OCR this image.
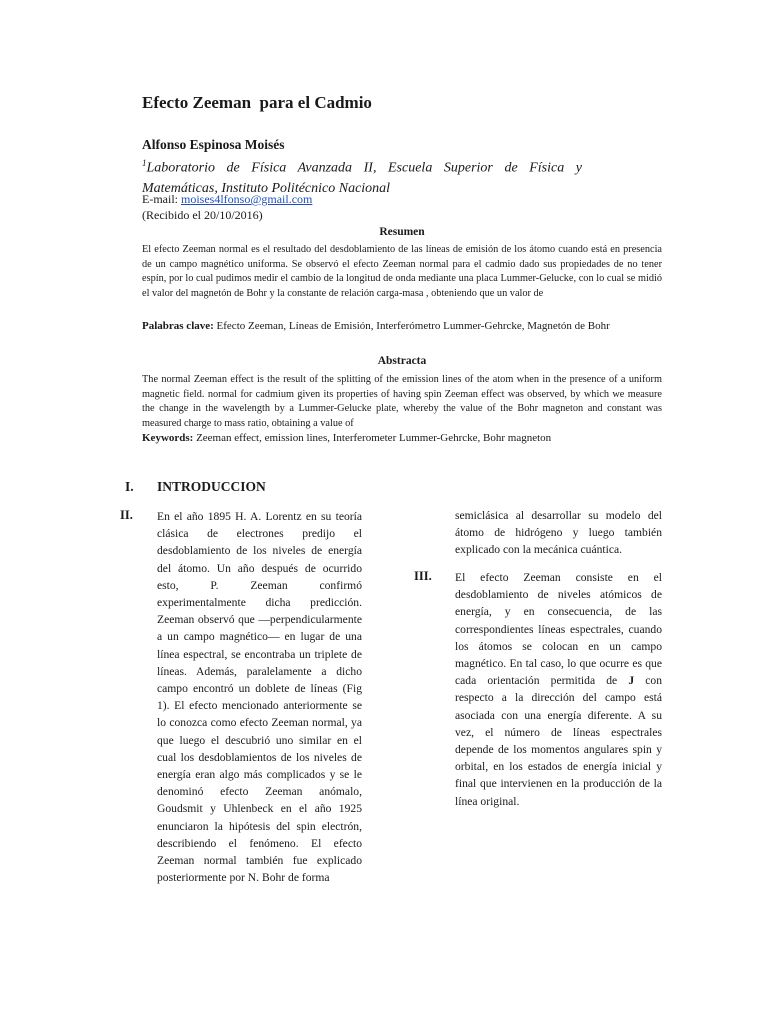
Efecto Zeeman  para el Cadmio
Alfonso Espinosa Moisés
$^1$Laboratorio de Física Avanzada II, Escuela Superior de Física y Matemáticas, Instituto Politécnico Nacional
E-mail: moises4lfonso@gmail.com
(Recibido el 20/10/2016)
Resumen
El efecto Zeeman normal es el resultado del desdoblamiento de las líneas de emisión de los átomo cuando está en presencia de un campo magnético uniforma. Se observó el efecto Zeeman normal para el cadmio dado sus propiedades de no tener espín, por lo cual pudimos medir el cambio de la longitud de onda mediante una placa Lummer-Gelucke, con lo cual se midió el valor del magnetón de Bohr y la constante de relación carga-masa , obteniendo que un valor de
Palabras clave: Efecto Zeeman, Líneas de Emisión, Interferómetro Lummer-Gehrcke, Magnetón de Bohr
Abstracta
The normal Zeeman effect is the result of the splitting of the emission lines of the atom when in the presence of a uniform magnetic field. normal for cadmium given its properties of having spin Zeeman effect was observed, by which we measure the change in the wavelength by a Lummer-Gelucke plate, whereby the value of the Bohr magneton and constant was measured charge to mass ratio, obtaining a value of
Keywords: Zeeman effect, emission lines, Interferometer Lummer-Gehrcke, Bohr magneton
I. INTRODUCCION
II. En el año 1895 H. A. Lorentz en su teoría clásica de electrones predijo el desdoblamiento de los niveles de energía del átomo. Un año después de ocurrido esto, P. Zeeman confirmó experimentalmente dicha predicción. Zeeman observó que —perpendicularmente a un campo magnético— en lugar de una línea espectral, se encontraba un triplete de líneas. Además, paralelamente a dicho campo encontró un doblete de líneas (Fig 1). El efecto mencionado anteriormente se lo conozca como efecto Zeeman normal, ya que luego el descubrió uno similar en el cual los desdoblamientos de los niveles de energía eran algo más complicados y se le denominó efecto Zeeman anómalo, Goudsmit y Uhlenbeck en el año 1925 enunciaron la hipótesis del spin electrón, describiendo el fenómeno. El efecto Zeeman normal también fue explicado posteriormente por N. Bohr de forma
semiclásica al desarrollar su modelo del átomo de hidrógeno y luego también explicado con la mecánica cuántica.
III. El efecto Zeeman consiste en el desdoblamiento de niveles atómicos de energía, y en consecuencia, de las correspondientes líneas espectrales, cuando los átomos se colocan en un campo magnético. En tal caso, lo que ocurre es que cada orientación permitida de J con respecto a la dirección del campo está asociada con una energía diferente. A su vez, el número de líneas espectrales depende de los momentos angulares spin y orbital, en los estados de energía inicial y final que intervienen en la producción de la línea original.
